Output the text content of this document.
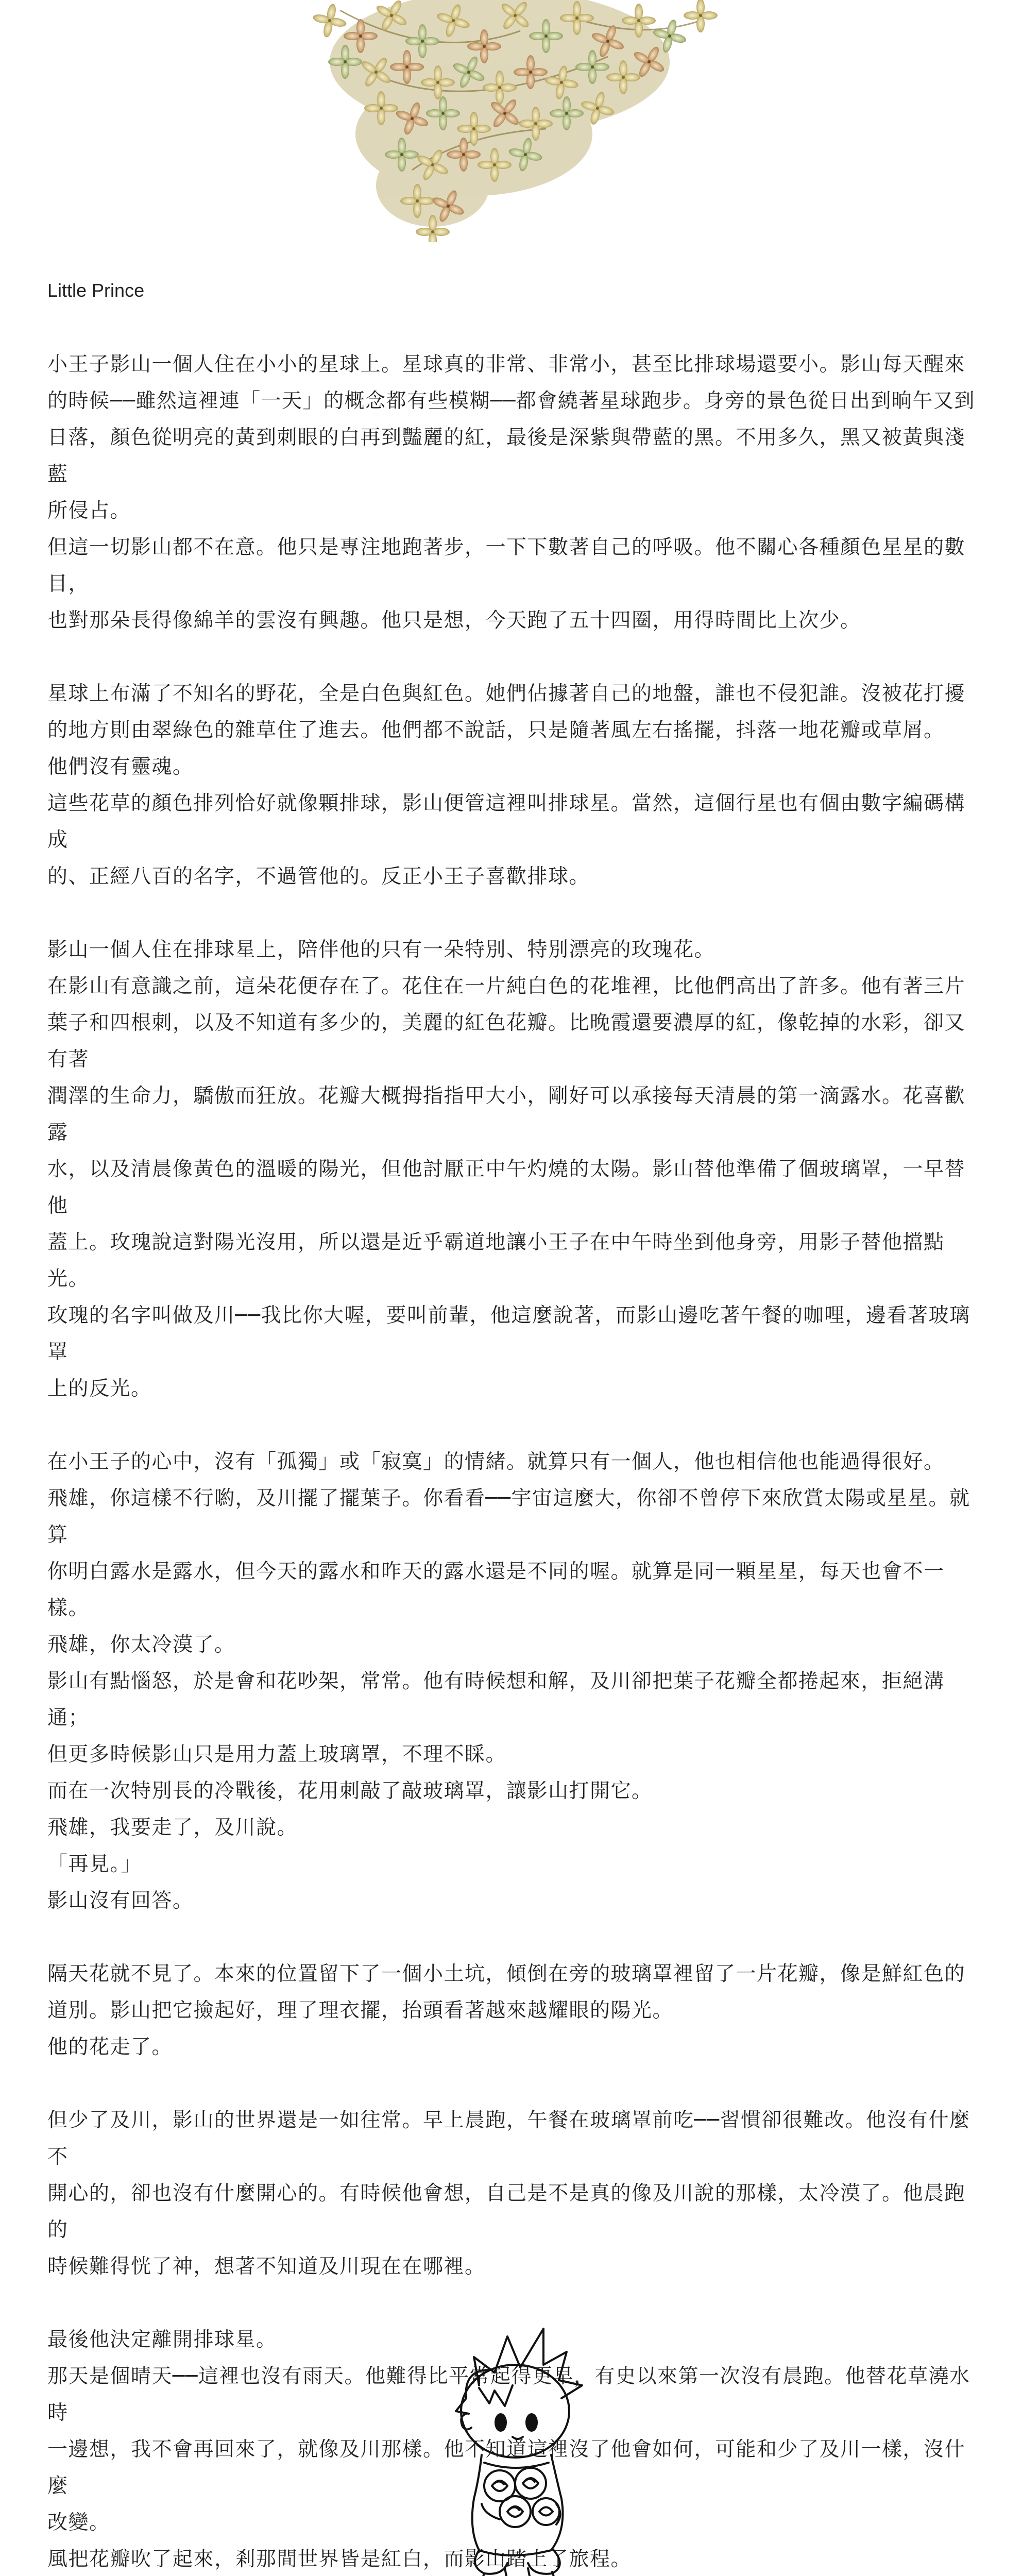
Little Prince

小王子影山一個人住在小小的星球上。星球真的非常、非常小，甚至比排球場還要小。影山每天醒來

的時候──雖然這裡連「一天」的概念都有些模糊──都會繞著星球跑步。身旁的景色從日出到晌午又到

日落，顏色從明亮的黃到刺眼的白再到豔麗的紅，最後是深紫與帶藍的黑。不用多久，黑又被黃與淺藍

所侵占。

但這一切影山都不在意。他只是專注地跑著步，一下下數著自己的呼吸。他不關心各種顏色星星的數目，

也對那朵長得像綿羊的雲沒有興趣。他只是想，今天跑了五十四圈，用得時間比上次少。

星球上布滿了不知名的野花，全是白色與紅色。她們佔據著自己的地盤，誰也不侵犯誰。沒被花打擾

的地方則由翠綠色的雜草住了進去。他們都不說話，只是隨著風左右搖擺，抖落一地花瓣或草屑。

他們沒有靈魂。

這些花草的顏色排列恰好就像顆排球，影山便管這裡叫排球星。當然，這個行星也有個由數字編碼構成

的、正經八百的名字，不過管他的。反正小王子喜歡排球。

影山一個人住在排球星上，陪伴他的只有一朵特別、特別漂亮的玫瑰花。

在影山有意識之前，這朵花便存在了。花住在一片純白色的花堆裡，比他們高出了許多。他有著三片

葉子和四根刺，以及不知道有多少的，美麗的紅色花瓣。比晚霞還要濃厚的紅，像乾掉的水彩，卻又

有著

潤澤的生命力，驕傲而狂放。花瓣大概拇指指甲大小，剛好可以承接每天清晨的第一滴露水。花喜歡露

水，以及清晨像黃色的溫暖的陽光，但他討厭正中午灼燒的太陽。影山替他準備了個玻璃罩，一早替他

蓋上。玫瑰說這對陽光沒用，所以還是近乎霸道地讓小王子在中午時坐到他身旁，用影子替他擋點光。

玫瑰的名字叫做及川──我比你大喔，要叫前輩，他這麼說著，而影山邊吃著午餐的咖哩，邊看著玻璃罩

上的反光。

在小王子的心中，沒有「孤獨」或「寂寞」的情緒。就算只有一個人，他也相信他也能過得很好。

飛雄，你這樣不行喲，及川擺了擺葉子。你看看──宇宙這麼大，你卻不曾停下來欣賞太陽或星星。就算

你明白露水是露水，但今天的露水和昨天的露水還是不同的喔。就算是同一顆星星，每天也會不一樣。

飛雄，你太冷漠了。

影山有點惱怒，於是會和花吵架，常常。他有時候想和解，及川卻把葉子花瓣全都捲起來，拒絕溝通；

但更多時候影山只是用力蓋上玻璃罩，不理不睬。

而在一次特別長的冷戰後，花用刺敲了敲玻璃罩，讓影山打開它。

飛雄，我要走了，及川說。

「再見。」

影山沒有回答。

隔天花就不見了。本來的位置留下了一個小土坑，傾倒在旁的玻璃罩裡留了一片花瓣，像是鮮紅色的

道別。影山把它撿起好，理了理衣擺，抬頭看著越來越耀眼的陽光。

他的花走了。

但少了及川，影山的世界還是一如往常。早上晨跑，午餐在玻璃罩前吃──習慣卻很難改。他沒有什麼不

開心的，卻也沒有什麼開心的。有時候他會想，自己是不是真的像及川說的那樣，太冷漠了。他晨跑的

時候難得恍了神，想著不知道及川現在在哪裡。

最後他決定離開排球星。

那天是個晴天──這裡也沒有雨天。他難得比平常起得更早，有史以來第一次沒有晨跑。他替花草澆水時

一邊想，我不會再回來了，就像及川那樣。他不知道這裡沒了他會如何，可能和少了及川一樣，沒什麼

改變。

風把花瓣吹了起來，剎那間世界皆是紅白，而影山踏上了旅程。
